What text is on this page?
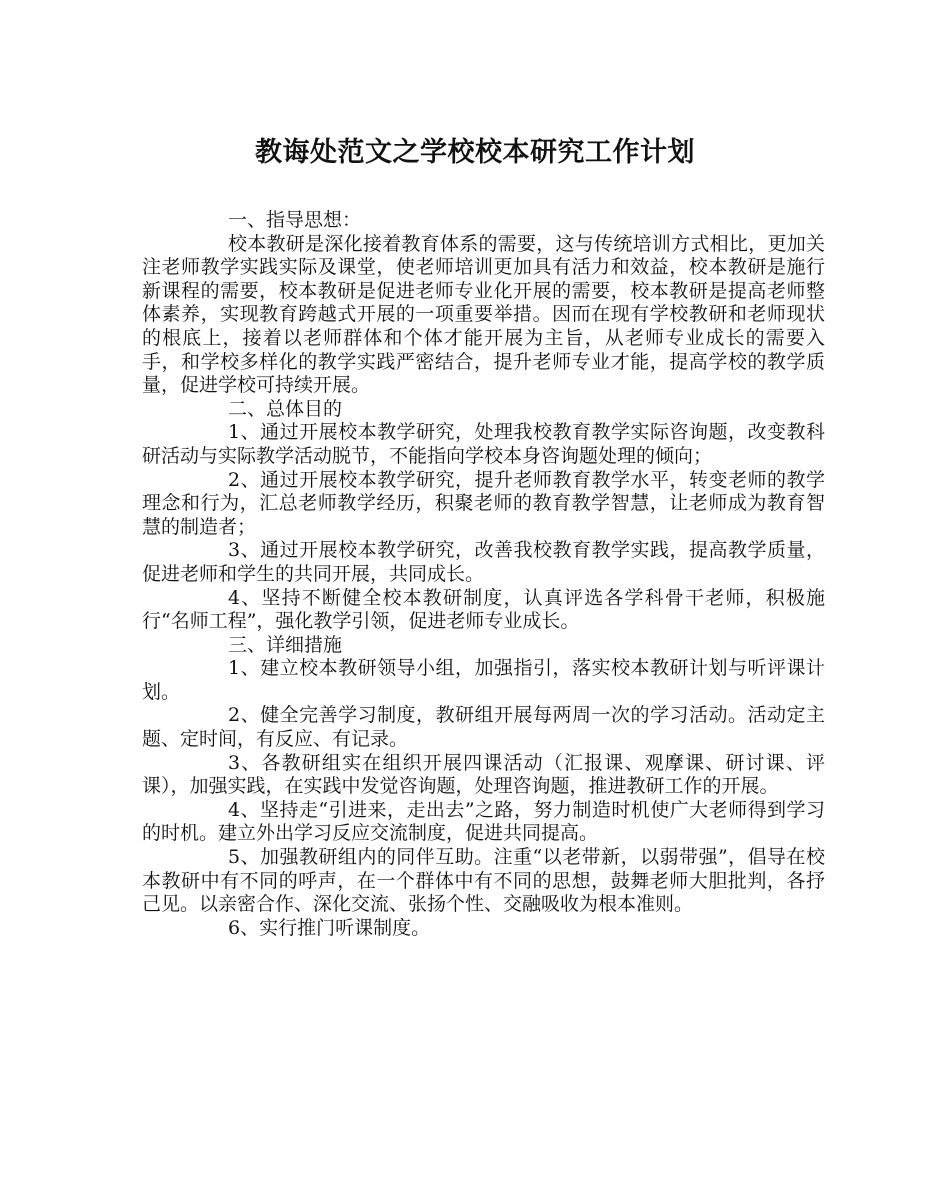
教诲处范文之学校校本研究工作计划

一、指导思想：

校本教研是深化接着教育体系的需要，这与传统培训方式相比，更加关注老师教学实践实际及课堂，使老师培训更加具有活力和效益，校本教研是施行新课程的需要，校本教研是促进老师专业化开展的需要，校本教研是提高老师整体素养，实现教育跨越式开展的一项重要举措。因而在现有学校教研和老师现状的根底上，接着以老师群体和个体才能开展为主旨，从老师专业成长的需要入手，和学校多样化的教学实践严密结合，提升老师专业才能，提高学校的教学质量，促进学校可持续开展。

二、总体目的

1、通过开展校本教学研究，处理我校教育教学实际咨询题，改变教科研活动与实际教学活动脱节，不能指向学校本身咨询题处理的倾向；

2、通过开展校本教学研究，提升老师教育教学水平，转变老师的教学理念和行为，汇总老师教学经历，积聚老师的教育教学智慧，让老师成为教育智慧的制造者；

3、通过开展校本教学研究，改善我校教育教学实践，提高教学质量，促进老师和学生的共同开展，共同成长。

4、坚持不断健全校本教研制度，认真评选各学科骨干老师，积极施行“名师工程”，强化教学引领，促进老师专业成长。

三、详细措施

1、建立校本教研领导小组，加强指引，落实校本教研计划与听评课计划。

2、健全完善学习制度，教研组开展每两周一次的学习活动。活动定主题、定时间，有反应、有记录。

3、各教研组实在组织开展四课活动（汇报课、观摩课、研讨课、评课），加强实践，在实践中发觉咨询题，处理咨询题，推进教研工作的开展。

4、坚持走“引进来，走出去”之路，努力制造时机使广大老师得到学习的时机。建立外出学习反应交流制度，促进共同提高。

5、加强教研组内的同伴互助。注重“以老带新，以弱带强”，倡导在校本教研中有不同的呼声，在一个群体中有不同的思想，鼓舞老师大胆批判，各抒己见。以亲密合作、深化交流、张扬个性、交融吸收为根本准则。

6、实行推门听课制度。
